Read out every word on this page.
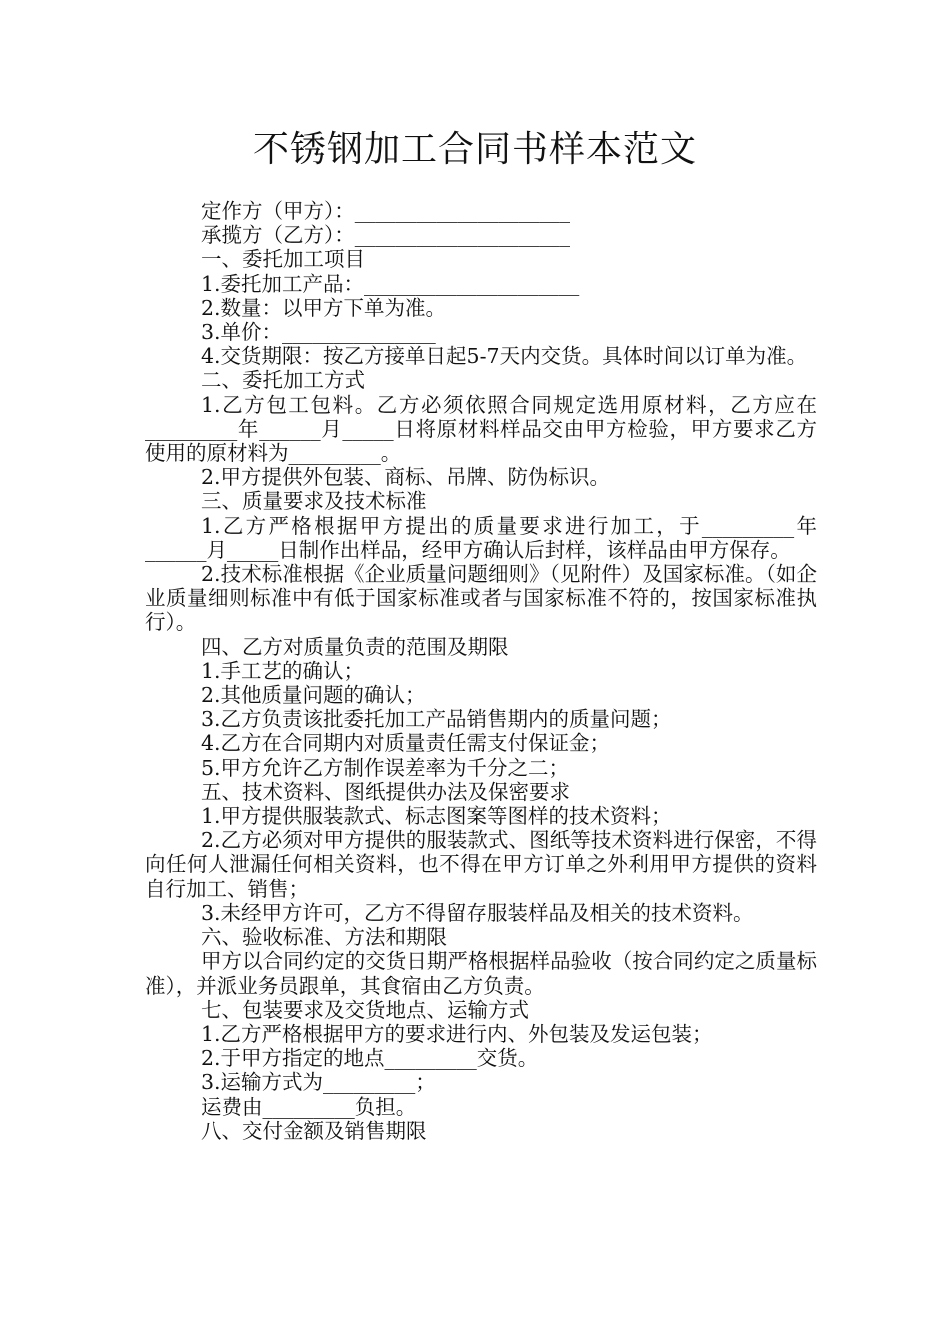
不锈钢加工合同书样本范文

定作方（甲方）：_____________________

承揽方（乙方）：_____________________

一、委托加工项目

1.委托加工产品：_____________________

2.数量：以甲方下单为准。

3.单价：_______________

4.交货期限：按乙方接单日起5-7天内交货。具体时间以订单为准。

二、委托加工方式

1.乙方包工包料。乙方必须依照合同规定选用原材料，乙方应在_________年______月_____日将原材料样品交由甲方检验，甲方要求乙方使用的原材料为_________。

2.甲方提供外包装、商标、吊牌、防伪标识。

三、质量要求及技术标准

1.乙方严格根据甲方提出的质量要求进行加工，于_________年______月_____日制作出样品，经甲方确认后封样，该样品由甲方保存。

2.技术标准根据《企业质量问题细则》（见附件）及国家标准。（如企业质量细则标准中有低于国家标准或者与国家标准不符的，按国家标准执行）。

四、乙方对质量负责的范围及期限

1.手工艺的确认；

2.其他质量问题的确认；

3.乙方负责该批委托加工产品销售期内的质量问题；

4.乙方在合同期内对质量责任需支付保证金；

5.甲方允许乙方制作误差率为千分之二；

五、技术资料、图纸提供办法及保密要求

1.甲方提供服装款式、标志图案等图样的技术资料；

2.乙方必须对甲方提供的服装款式、图纸等技术资料进行保密，不得向任何人泄漏任何相关资料，也不得在甲方订单之外利用甲方提供的资料自行加工、销售；

3.未经甲方许可，乙方不得留存服装样品及相关的技术资料。

六、验收标准、方法和期限

甲方以合同约定的交货日期严格根据样品验收（按合同约定之质量标准），并派业务员跟单，其食宿由乙方负责。

七、包装要求及交货地点、运输方式

1.乙方严格根据甲方的要求进行内、外包装及发运包装；

2.于甲方指定的地点_________交货。

3.运输方式为_________；

运费由_________负担。

八、交付金额及销售期限
